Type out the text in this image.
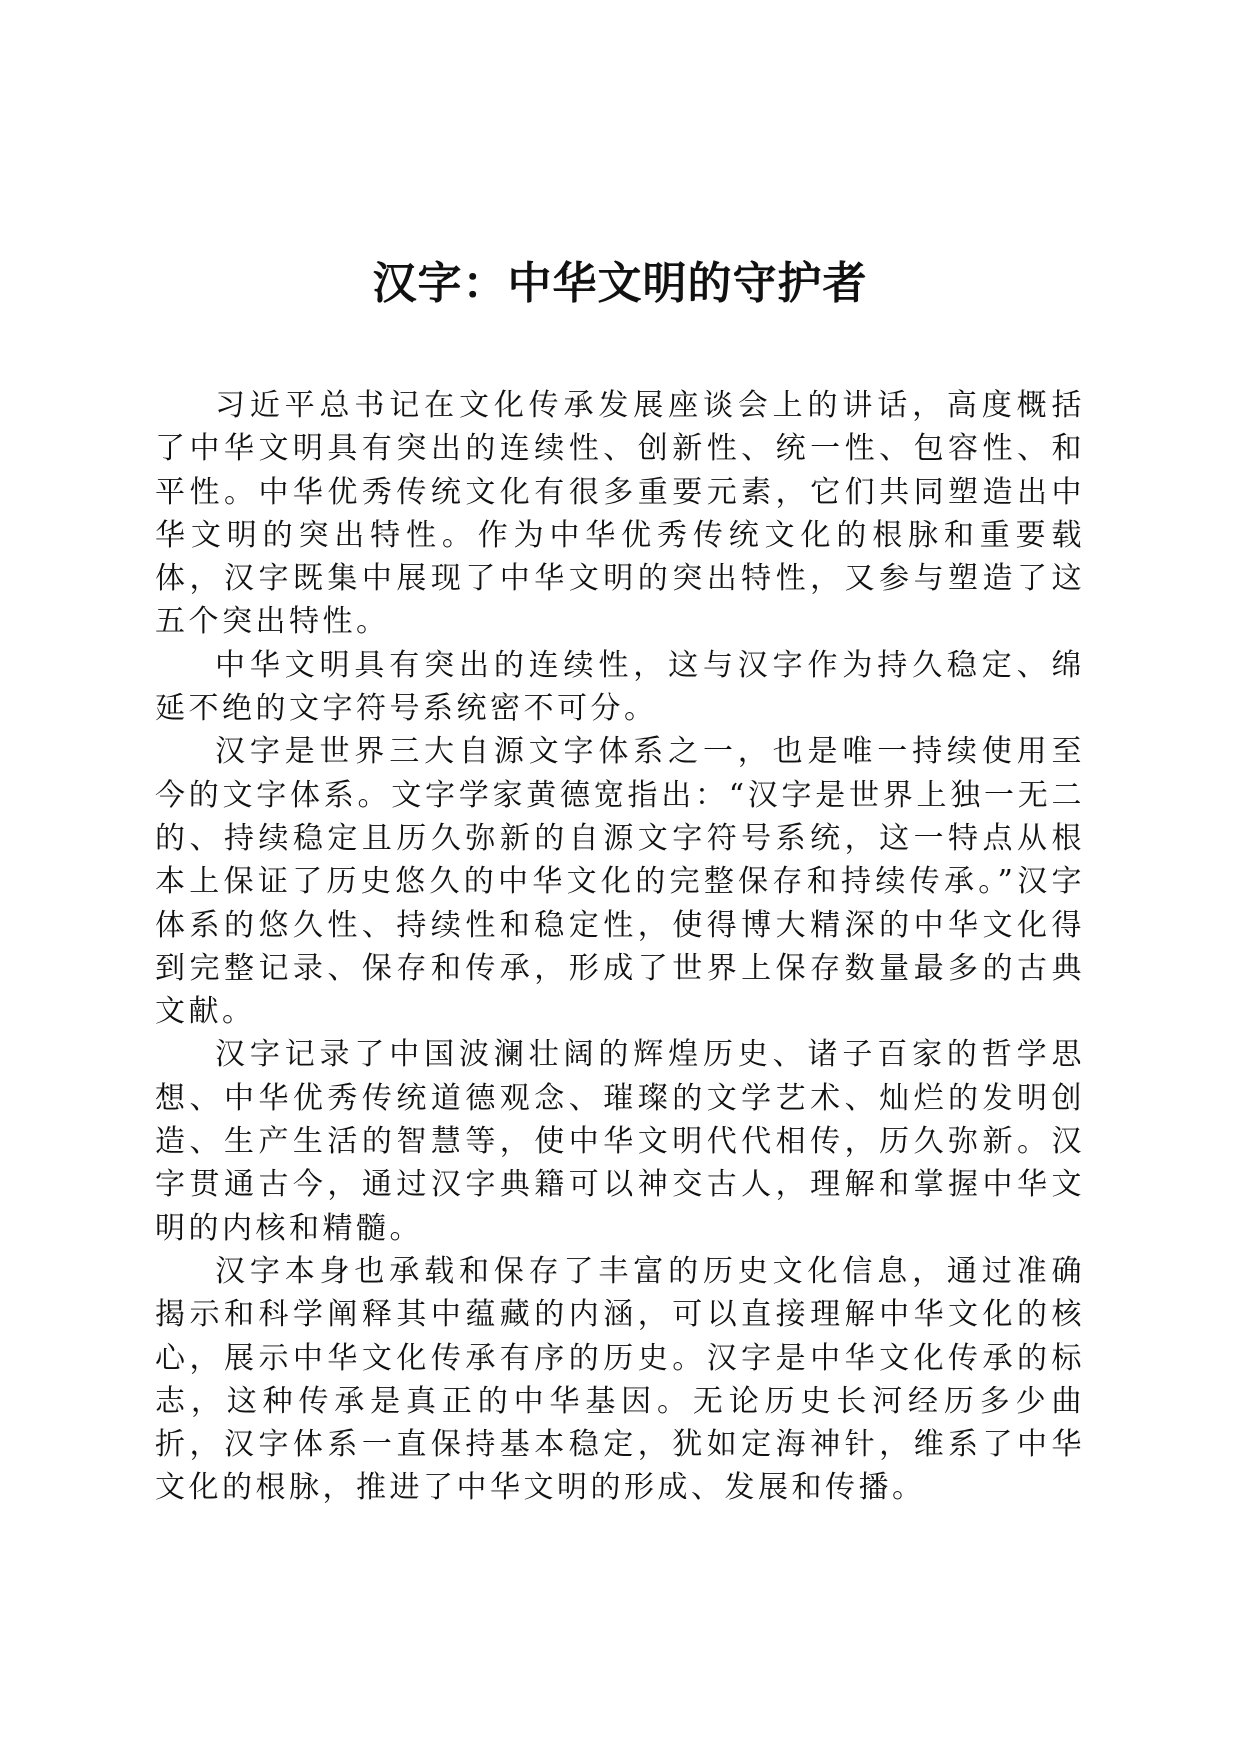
汉字：中华文明的守护者

习近平总书记在文化传承发展座谈会上的讲话，高度概括了中华文明具有突出的连续性、创新性、统一性、包容性、和平性。中华优秀传统文化有很多重要元素，它们共同塑造出中华文明的突出特性。作为中华优秀传统文化的根脉和重要载体，汉字既集中展现了中华文明的突出特性，又参与塑造了这五个突出特性。

中华文明具有突出的连续性，这与汉字作为持久稳定、绵延不绝的文字符号系统密不可分。

汉字是世界三大自源文字体系之一，也是唯一持续使用至今的文字体系。文字学家黄德宽指出：“汉字是世界上独一无二的、持续稳定且历久弥新的自源文字符号系统，这一特点从根本上保证了历史悠久的中华文化的完整保存和持续传承。”汉字体系的悠久性、持续性和稳定性，使得博大精深的中华文化得到完整记录、保存和传承，形成了世界上保存数量最多的古典文献。

汉字记录了中国波澜壮阔的辉煌历史、诸子百家的哲学思想、中华优秀传统道德观念、璀璨的文学艺术、灿烂的发明创造、生产生活的智慧等，使中华文明代代相传，历久弥新。汉字贯通古今，通过汉字典籍可以神交古人，理解和掌握中华文明的内核和精髓。

汉字本身也承载和保存了丰富的历史文化信息，通过准确揭示和科学阐释其中蕴藏的内涵，可以直接理解中华文化的核心，展示中华文化传承有序的历史。汉字是中华文化传承的标志，这种传承是真正的中华基因。无论历史长河经历多少曲折，汉字体系一直保持基本稳定，犹如定海神针，维系了中华文化的根脉，推进了中华文明的形成、发展和传播。
